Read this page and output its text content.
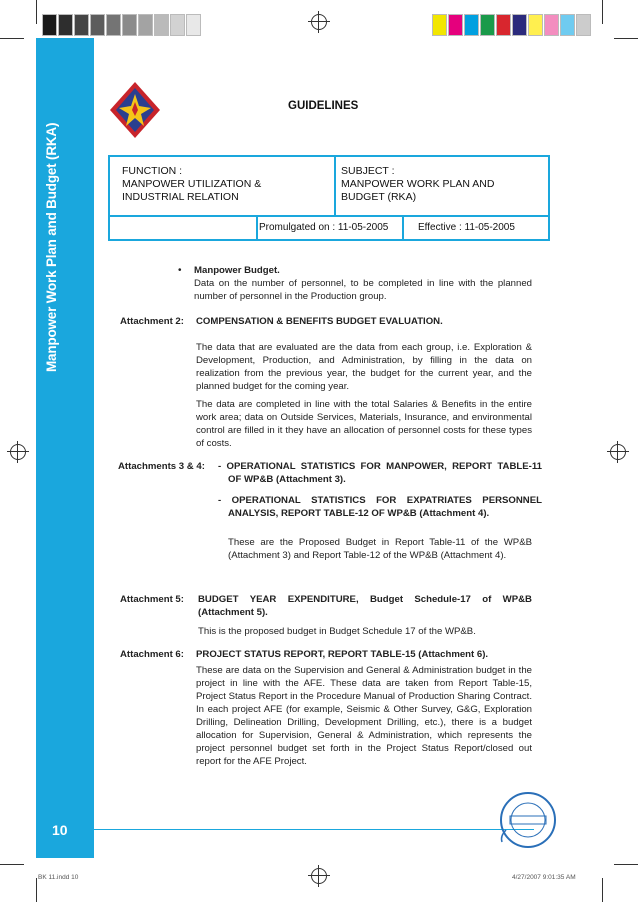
Manpower Work Plan and Budget (RKA)
10
GUIDELINES
FUNCTION :
MANPOWER UTILIZATION & INDUSTRIAL RELATION
SUBJECT :
MANPOWER WORK PLAN AND BUDGET (RKA)
Promulgated on : 11-05-2005	Effective : 11-05-2005
• Manpower Budget.
Data on the number of personnel, to be completed in line with the planned number of personnel in the Production group.
Attachment 2: COMPENSATION & BENEFITS BUDGET EVALUATION.
The data that are evaluated are the data from each group, i.e. Exploration & Development, Production, and Administration, by filling in the data on realization from the previous year, the budget for the current year, and the planned budget for the coming year.
The data are completed in line with the total Salaries & Benefits in the entire work area; data on Outside Services, Materials, Insurance, and environmental control are filled in it they have an allocation of personnel costs for these types of costs.
Attachments 3 & 4: - OPERATIONAL STATISTICS FOR MANPOWER, REPORT TABLE-11 OF WP&B (Attachment 3).
- OPERATIONAL STATISTICS FOR EXPATRIATES PERSONNEL ANALYSIS, REPORT TABLE-12 OF WP&B (Attachment 4).
These are the Proposed Budget in Report Table-11 of the WP&B (Attachment 3) and Report Table-12 of the WP&B (Attachment 4).
Attachment 5: BUDGET YEAR EXPENDITURE, Budget Schedule-17 of WP&B (Attachment 5).
This is the proposed budget in Budget Schedule 17 of the WP&B.
Attachment 6: PROJECT STATUS REPORT, REPORT TABLE-15 (Attachment 6).
These are data on the Supervision and General & Administration budget in the project in line with the AFE. These data are taken from Report Table-15, Project Status Report in the Procedure Manual of Production Sharing Contract. In each project AFE (for example, Seismic & Other Survey, G&G, Exploration Drilling, Delineation Drilling, Development Drilling, etc.), there is a budget allocation for Supervision, General & Administration, which represents the project personnel budget set forth in the Project Status Report/closed out report for the AFE Project.
BK 11.indd 10	4/27/2007 9:01:35 AM
